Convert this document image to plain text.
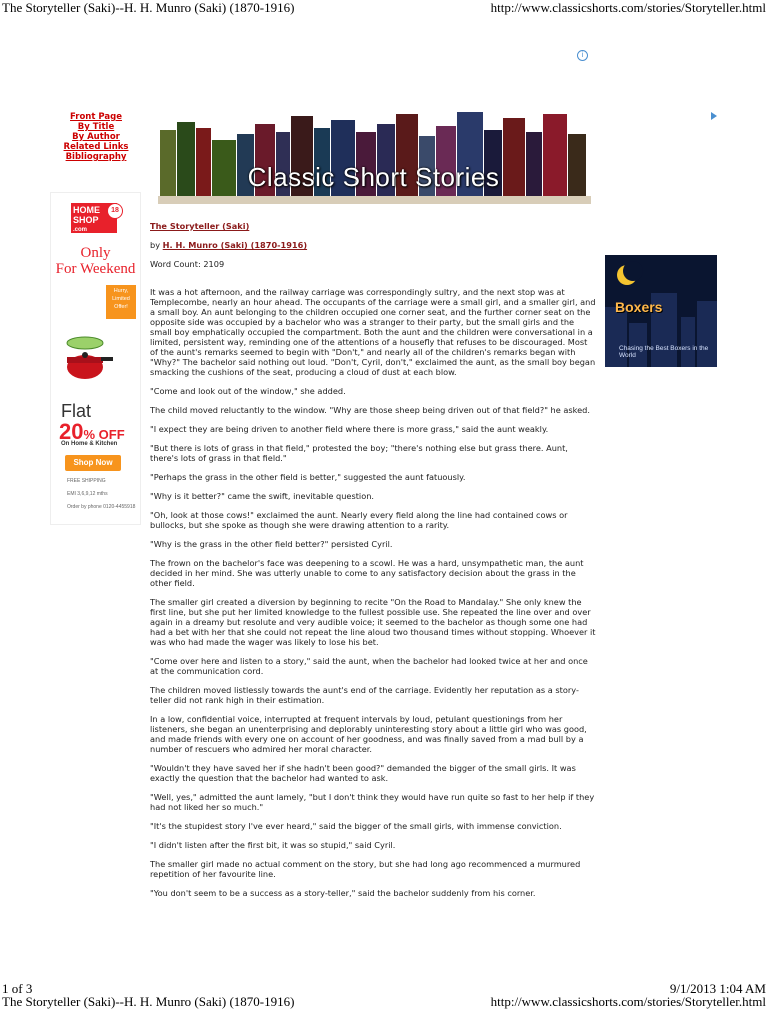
The Storyteller (Saki)--H. H. Munro (Saki) (1870-1916)	http://www.classicshorts.com/stories/Storyteller.html
i
Front Page
By Title
By Author
Related Links
Bibliography
Classic Short Stories
HOME
SHOP
.com
18
Only
For Weekend
Hurry, Limited Offer!
Flat
20% OFF
On Home & Kitchen
Shop Now
FREE SHIPPING
EMI 3,6,9,12 mths
Order by phone 0120-4455918
Boxers
Chasing the Best Boxers in the World
The Storyteller (Saki)
by H. H. Munro (Saki) (1870-1916)
Word Count: 2109

It was a hot afternoon, and the railway carriage was correspondingly sultry, and the next stop was at Templecombe, nearly an hour ahead. The occupants of the carriage were a small girl, and a smaller girl, and a small boy. An aunt belonging to the children occupied one corner seat, and the further corner seat on the opposite side was occupied by a bachelor who was a stranger to their party, but the small girls and the small boy emphatically occupied the compartment. Both the aunt and the children were conversational in a limited, persistent way, reminding one of the attentions of a housefly that refuses to be discouraged. Most of the aunt's remarks seemed to begin with "Don't," and nearly all of the children's remarks began with "Why?" The bachelor said nothing out loud. "Don't, Cyril, don't," exclaimed the aunt, as the small boy began smacking the cushions of the seat, producing a cloud of dust at each blow.

"Come and look out of the window," she added.

The child moved reluctantly to the window. "Why are those sheep being driven out of that field?" he asked.

"I expect they are being driven to another field where there is more grass," said the aunt weakly.

"But there is lots of grass in that field," protested the boy; "there's nothing else but grass there. Aunt, there's lots of grass in that field."

"Perhaps the grass in the other field is better," suggested the aunt fatuously.

"Why is it better?" came the swift, inevitable question.

"Oh, look at those cows!" exclaimed the aunt. Nearly every field along the line had contained cows or bullocks, but she spoke as though she were drawing attention to a rarity.

"Why is the grass in the other field better?" persisted Cyril.

The frown on the bachelor's face was deepening to a scowl. He was a hard, unsympathetic man, the aunt decided in her mind. She was utterly unable to come to any satisfactory decision about the grass in the other field.

The smaller girl created a diversion by beginning to recite "On the Road to Mandalay." She only knew the first line, but she put her limited knowledge to the fullest possible use. She repeated the line over and over again in a dreamy but resolute and very audible voice; it seemed to the bachelor as though some one had had a bet with her that she could not repeat the line aloud two thousand times without stopping. Whoever it was who had made the wager was likely to lose his bet.

"Come over here and listen to a story," said the aunt, when the bachelor had looked twice at her and once at the communication cord.

The children moved listlessly towards the aunt's end of the carriage. Evidently her reputation as a story- teller did not rank high in their estimation.

In a low, confidential voice, interrupted at frequent intervals by loud, petulant questionings from her listeners, she began an unenterprising and deplorably uninteresting story about a little girl who was good, and made friends with every one on account of her goodness, and was finally saved from a mad bull by a number of rescuers who admired her moral character.

"Wouldn't they have saved her if she hadn't been good?" demanded the bigger of the small girls. It was exactly the question that the bachelor had wanted to ask.

"Well, yes," admitted the aunt lamely, "but I don't think they would have run quite so fast to her help if they had not liked her so much."

"It's the stupidest story I've ever heard," said the bigger of the small girls, with immense conviction.

"I didn't listen after the first bit, it was so stupid," said Cyril.

The smaller girl made no actual comment on the story, but she had long ago recommenced a murmured repetition of her favourite line.

"You don't seem to be a success as a story-teller," said the bachelor suddenly from his corner.

1 of 3	9/1/2013 1:04 AM
The Storyteller (Saki)--H. H. Munro (Saki) (1870-1916)	http://www.classicshorts.com/stories/Storyteller.html
